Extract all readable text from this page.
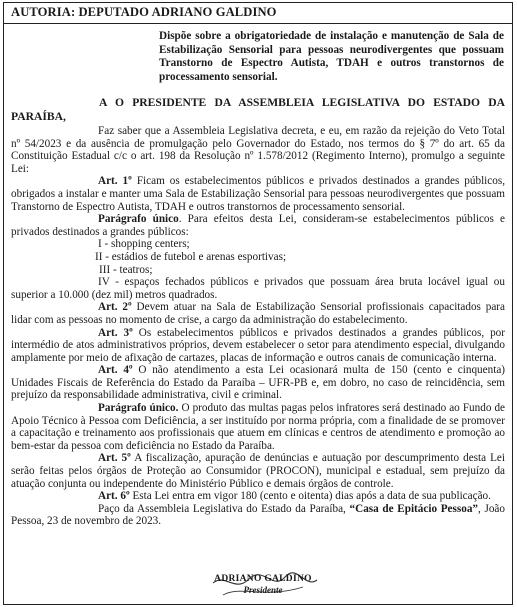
AUTORIA: DEPUTADO ADRIANO GALDINO
Dispõe sobre a obrigatoriedade de instalação e manutenção de Sala de Estabilização Sensorial para pessoas neurodivergentes que possuam Transtorno de Espectro Autista, TDAH e outros transtornos de processamento sensorial.

A O PRESIDENTE DA ASSEMBLEIA LEGISLATIVA DO ESTADO DA PARAÍBA,

Faz saber que a Assembleia Legislativa decreta, e eu, em razão da rejeição do Veto Total nº 54/2023 e da ausência de promulgação pelo Governador do Estado, nos termos do § 7º do art. 65 da Constituição Estadual c/c o art. 198 da Resolução nº 1.578/2012 (Regimento Interno), promulgo a seguinte Lei:

Art. 1º Ficam os estabelecimentos públicos e privados destinados a grandes públicos, obrigados a instalar e manter uma Sala de Estabilização Sensorial para pessoas neurodivergentes que possuam Transtorno de Espectro Autista, TDAH e outros transtornos de processamento sensorial.

Parágrafo único. Para efeitos desta Lei, consideram-se estabelecimentos públicos e privados destinados a grandes públicos:

I - shopping centers;

II - estádios de futebol e arenas esportivas;

III - teatros;

IV - espaços fechados públicos e privados que possuam área bruta locável igual ou superior a 10.000 (dez mil) metros quadrados.

Art. 2º Devem atuar na Sala de Estabilização Sensorial profissionais capacitados para lidar com as pessoas no momento de crise, a cargo da administração do estabelecimento.

Art. 3º Os estabelecimentos públicos e privados destinados a grandes públicos, por intermédio de atos administrativos próprios, devem estabelecer o setor para atendimento especial, divulgando amplamente por meio de afixação de cartazes, placas de informação e outros canais de comunicação interna.

Art. 4º O não atendimento a esta Lei ocasionará multa de 150 (cento e cinquenta) Unidades Fiscais de Referência do Estado da Paraíba – UFR-PB e, em dobro, no caso de reincidência, sem prejuízo da responsabilidade administrativa, civil e criminal.

Parágrafo único. O produto das multas pagas pelos infratores será destinado ao Fundo de Apoio Técnico à Pessoa com Deficiência, a ser instituído por norma própria, com a finalidade de se promover a capacitação e treinamento aos profissionais que atuem em clínicas e centros de atendimento e promoção ao bem-estar da pessoa com deficiência no Estado da Paraíba.

Art. 5º A fiscalização, apuração de denúncias e autuação por descumprimento desta Lei serão feitas pelos órgãos de Proteção ao Consumidor (PROCON), municipal e estadual, sem prejuízo da atuação conjunta ou independente do Ministério Público e demais órgãos de controle.

Art. 6º Esta Lei entra em vigor 180 (cento e oitenta) dias após a data de sua publicação.

Paço da Assembleia Legislativa do Estado da Paraíba, “Casa de Epitácio Pessoa”, João Pessoa, 23 de novembro de 2023.

ADRIANO GALDINO
Presidente
